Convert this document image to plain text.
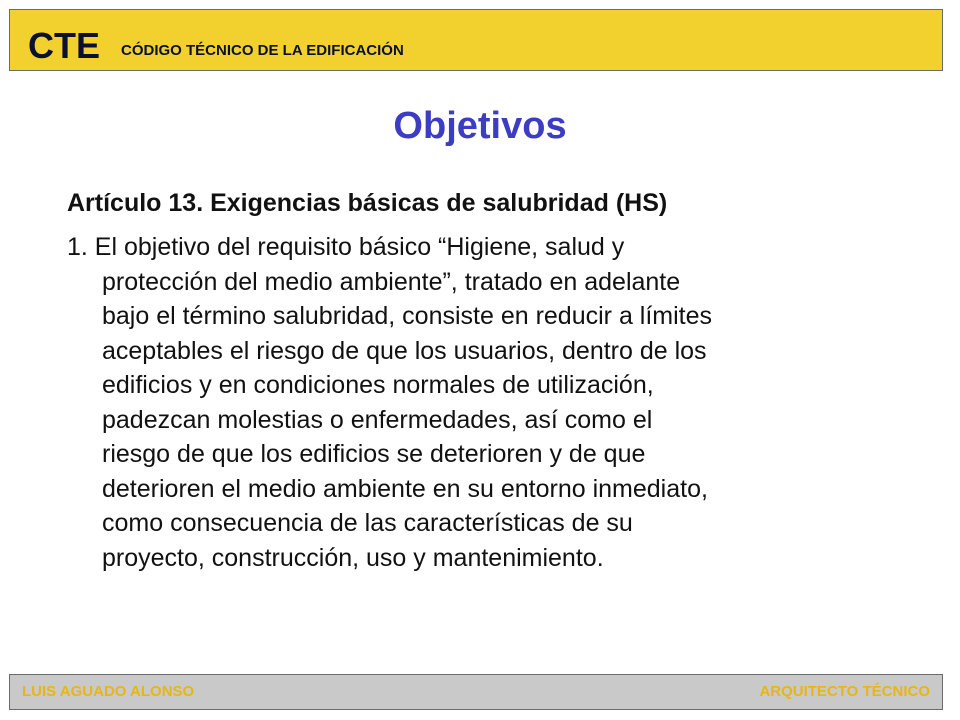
CTE CÓDIGO TÉCNICO DE LA EDIFICACIÓN
Objetivos
Artículo 13. Exigencias básicas de salubridad (HS)
1. El objetivo del requisito básico “Higiene, salud y
protección del medio ambiente”, tratado en adelante
bajo el término salubridad, consiste en reducir a límites
aceptables el riesgo de que los usuarios, dentro de los
edificios y en condiciones normales de utilización,
padezcan molestias o enfermedades, así como el
riesgo de que los edificios se deterioren y de que
deterioren el medio ambiente en su entorno inmediato,
como consecuencia de las características de su
proyecto, construcción, uso y mantenimiento.
LUIS AGUADO ALONSO	ARQUITECTO TÉCNICO
